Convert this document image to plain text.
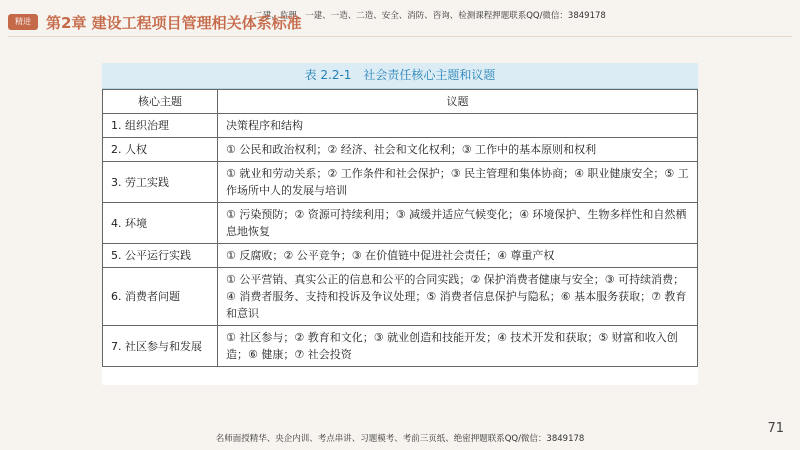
二建、监理、一建、一造、二造、安全、消防、咨询、检测课程押题联系QQ/微信：3849178
精进	第2章 建设工程项目管理相关体系标准
表 2.2-1　社会责任核心主题和议题
核心主题	议题
1. 组织治理	决策程序和结构
2. 人权	① 公民和政治权利；② 经济、社会和文化权利；③ 工作中的基本原则和权利
3. 劳工实践	① 就业和劳动关系；② 工作条件和社会保护；③ 民主管理和集体协商；④ 职业健康安全；⑤ 工作场所中人的发展与培训
4. 环境	① 污染预防；② 资源可持续利用；③ 减缓并适应气候变化；④ 环境保护、生物多样性和自然栖息地恢复
5. 公平运行实践	① 反腐败；② 公平竞争；③ 在价值链中促进社会责任；④ 尊重产权
6. 消费者问题	① 公平营销、真实公正的信息和公平的合同实践；② 保护消费者健康与安全；③ 可持续消费；④ 消费者服务、支持和投诉及争议处理；⑤ 消费者信息保护与隐私；⑥ 基本服务获取；⑦ 教育和意识
7. 社区参与和发展	① 社区参与；② 教育和文化；③ 就业创造和技能开发；④ 技术开发和获取；⑤ 财富和收入创造；⑥ 健康；⑦ 社会投资
71
名师面授精华、央企内训、考点串讲、习题模考、考前三页纸、绝密押题联系QQ/微信：3849178
